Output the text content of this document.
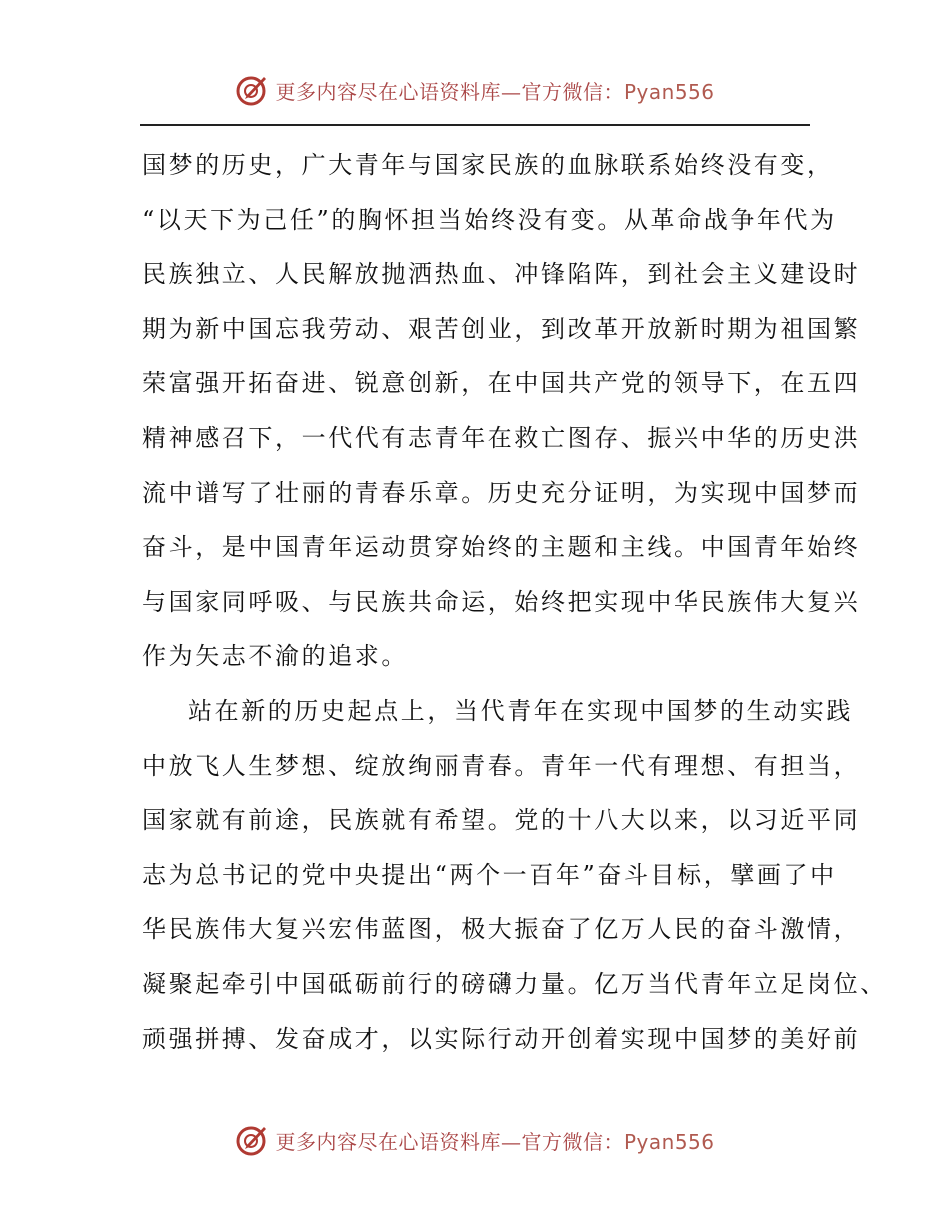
更多内容尽在心语资料库—官方微信：Pyan556
国梦的历史，广大青年与国家民族的血脉联系始终没有变，
“以天下为己任”的胸怀担当始终没有变。从革命战争年代为
民族独立、人民解放抛洒热血、冲锋陷阵，到社会主义建设时
期为新中国忘我劳动、艰苦创业，到改革开放新时期为祖国繁
荣富强开拓奋进、锐意创新，在中国共产党的领导下，在五四
精神感召下，一代代有志青年在救亡图存、振兴中华的历史洪
流中谱写了壮丽的青春乐章。历史充分证明，为实现中国梦而
奋斗，是中国青年运动贯穿始终的主题和主线。中国青年始终
与国家同呼吸、与民族共命运，始终把实现中华民族伟大复兴
作为矢志不渝的追求。
站在新的历史起点上，当代青年在实现中国梦的生动实践
中放飞人生梦想、绽放绚丽青春。青年一代有理想、有担当，
国家就有前途，民族就有希望。党的十八大以来，以习近平同
志为总书记的党中央提出“两个一百年”奋斗目标，擘画了中
华民族伟大复兴宏伟蓝图，极大振奋了亿万人民的奋斗激情，
凝聚起牵引中国砥砺前行的磅礴力量。亿万当代青年立足岗位、
顽强拼搏、发奋成才，以实际行动开创着实现中国梦的美好前
更多内容尽在心语资料库—官方微信：Pyan556
